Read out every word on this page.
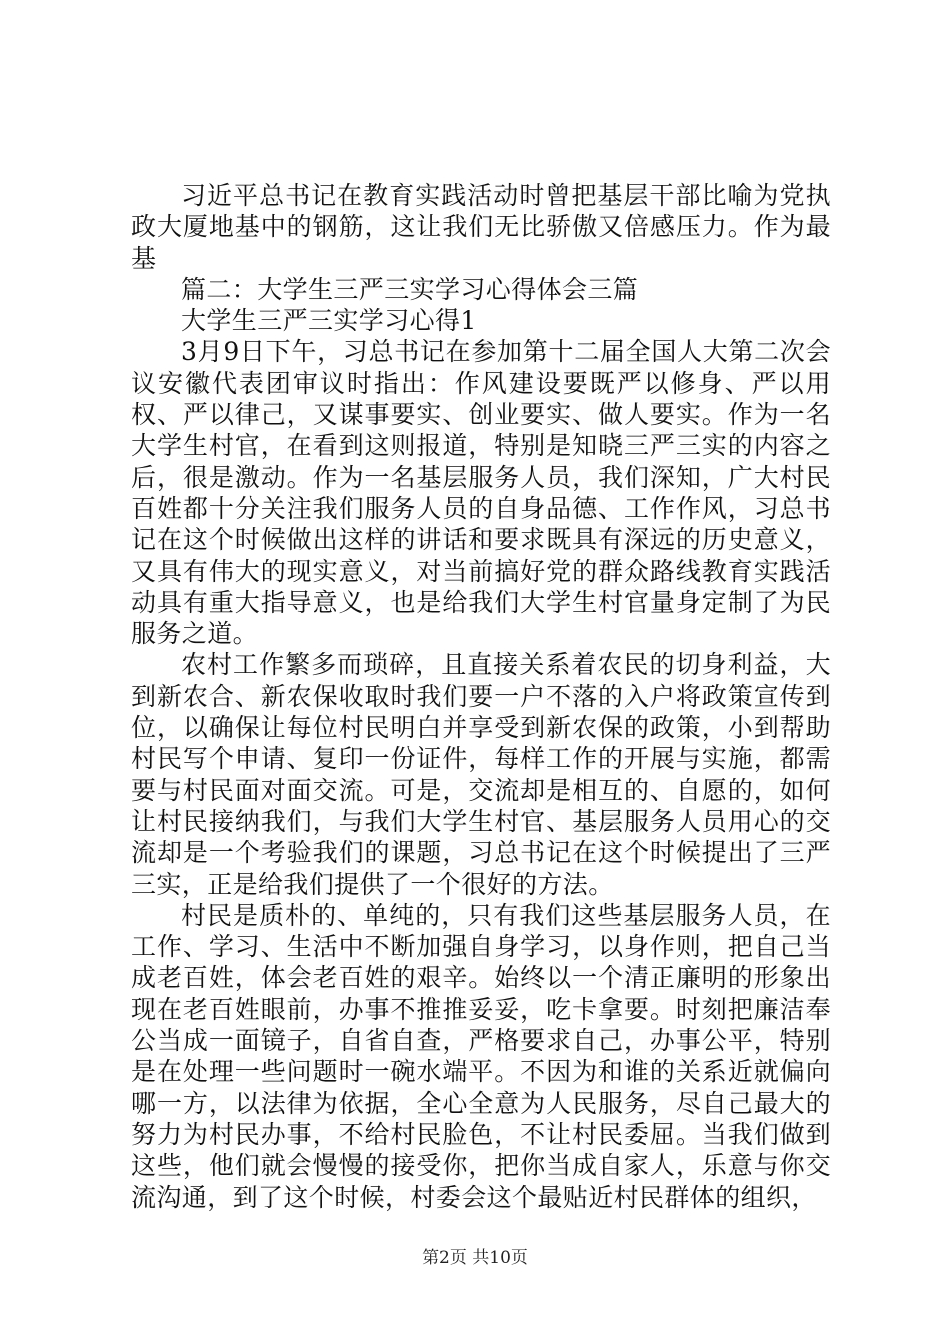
习近平总书记在教育实践活动时曾把基层干部比喻为党执政大厦地基中的钢筋，这让我们无比骄傲又倍感压力。作为最基

篇二：大学生三严三实学习心得体会三篇

大学生三严三实学习心得1

3月9日下午，习总书记在参加第十二届全国人大第二次会议安徽代表团审议时指出：作风建设要既严以修身、严以用权、严以律己，又谋事要实、创业要实、做人要实。作为一名大学生村官，在看到这则报道，特别是知晓三严三实的内容之后，很是激动。作为一名基层服务人员，我们深知，广大村民百姓都十分关注我们服务人员的自身品德、工作作风，习总书记在这个时候做出这样的讲话和要求既具有深远的历史意义，又具有伟大的现实意义，对当前搞好党的群众路线教育实践活动具有重大指导意义，也是给我们大学生村官量身定制了为民服务之道。

农村工作繁多而琐碎，且直接关系着农民的切身利益，大到新农合、新农保收取时我们要一户不落的入户将政策宣传到位，以确保让每位村民明白并享受到新农保的政策，小到帮助村民写个申请、复印一份证件，每样工作的开展与实施，都需要与村民面对面交流。可是，交流却是相互的、自愿的，如何让村民接纳我们，与我们大学生村官、基层服务人员用心的交流却是一个考验我们的课题，习总书记在这个时候提出了三严三实，正是给我们提供了一个很好的方法。

村民是质朴的、单纯的，只有我们这些基层服务人员，在工作、学习、生活中不断加强自身学习，以身作则，把自己当成老百姓，体会老百姓的艰辛。始终以一个清正廉明的形象出现在老百姓眼前，办事不推推妥妥，吃卡拿要。时刻把廉洁奉公当成一面镜子，自省自查，严格要求自己，办事公平，特别是在处理一些问题时一碗水端平。不因为和谁的关系近就偏向哪一方，以法律为依据，全心全意为人民服务，尽自己最大的努力为村民办事，不给村民脸色，不让村民委屈。当我们做到这些，他们就会慢慢的接受你，把你当成自家人，乐意与你交流沟通，到了这个时候，村委会这个最贴近村民群体的组织，

第2页 共10页
